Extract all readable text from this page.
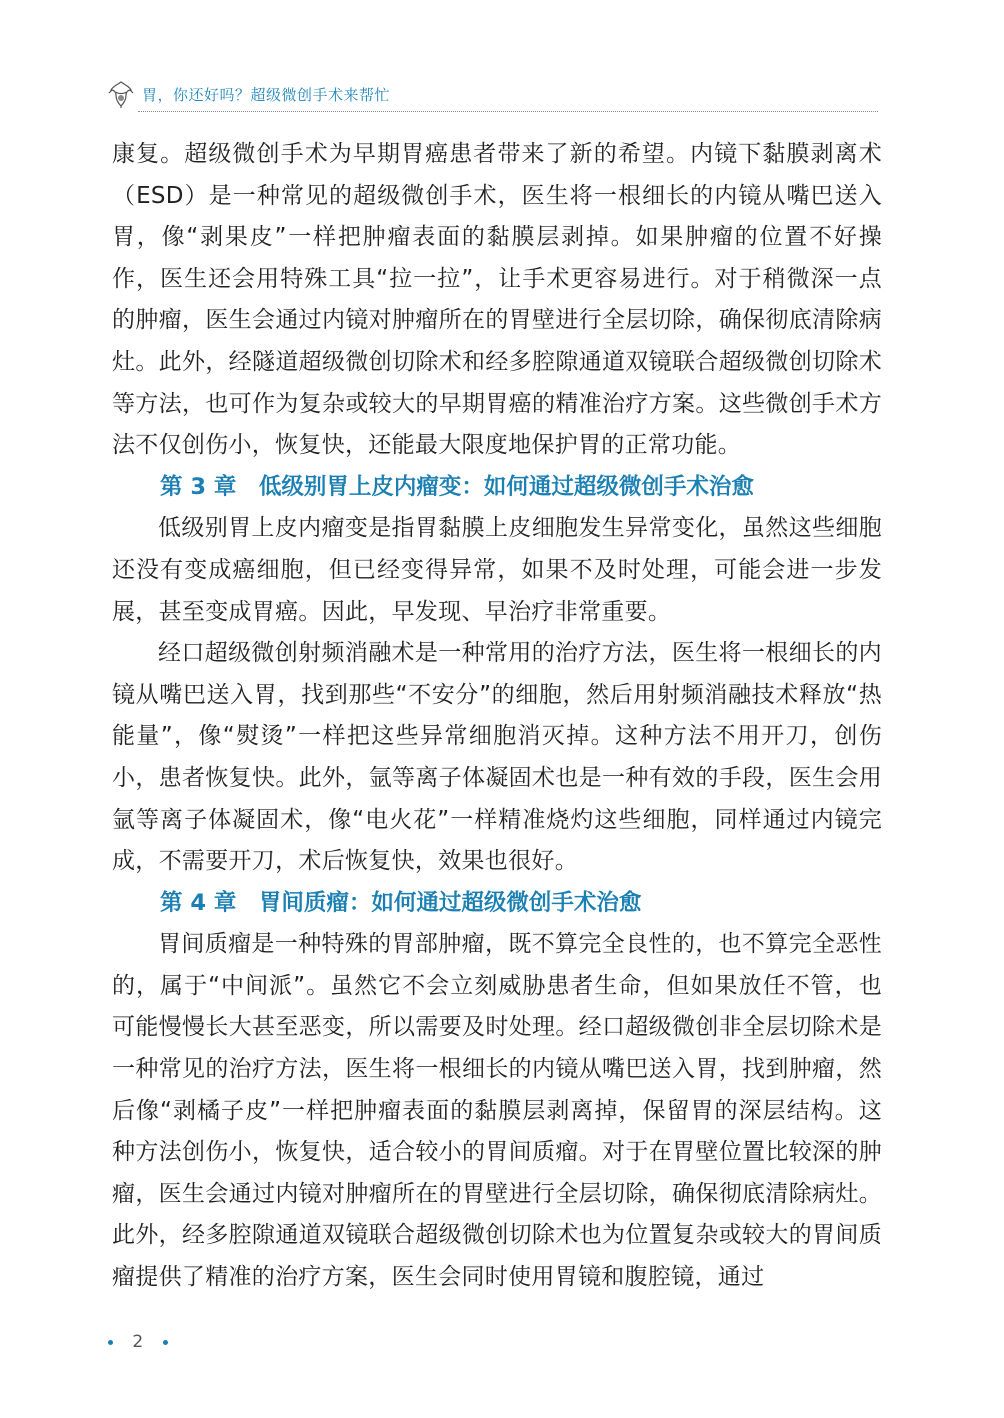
胃，你还好吗？超级微创手术来帮忙

康复。超级微创手术为早期胃癌患者带来了新的希望。内镜下黏膜剥离术（ESD）是一种常见的超级微创手术，医生将一根细长的内镜从嘴巴送入胃，像“剥果皮”一样把肿瘤表面的黏膜层剥掉。如果肿瘤的位置不好操作，医生还会用特殊工具“拉一拉”，让手术更容易进行。对于稍微深一点的肿瘤，医生会通过内镜对肿瘤所在的胃壁进行全层切除，确保彻底清除病灶。此外，经隧道超级微创切除术和经多腔隙通道双镜联合超级微创切除术等方法，也可作为复杂或较大的早期胃癌的精准治疗方案。这些微创手术方法不仅创伤小，恢复快，还能最大限度地保护胃的正常功能。

第 3 章　低级别胃上皮内瘤变：如何通过超级微创手术治愈

低级别胃上皮内瘤变是指胃黏膜上皮细胞发生异常变化，虽然这些细胞还没有变成癌细胞，但已经变得异常，如果不及时处理，可能会进一步发展，甚至变成胃癌。因此，早发现、早治疗非常重要。

经口超级微创射频消融术是一种常用的治疗方法，医生将一根细长的内镜从嘴巴送入胃，找到那些“不安分”的细胞，然后用射频消融技术释放“热能量”，像“熨烫”一样把这些异常细胞消灭掉。这种方法不用开刀，创伤小，患者恢复快。此外，氩等离子体凝固术也是一种有效的手段，医生会用氩等离子体凝固术，像“电火花”一样精准烧灼这些细胞，同样通过内镜完成，不需要开刀，术后恢复快，效果也很好。

第 4 章　胃间质瘤：如何通过超级微创手术治愈

胃间质瘤是一种特殊的胃部肿瘤，既不算完全良性的，也不算完全恶性的，属于“中间派”。虽然它不会立刻威胁患者生命，但如果放任不管，也可能慢慢长大甚至恶变，所以需要及时处理。经口超级微创非全层切除术是一种常见的治疗方法，医生将一根细长的内镜从嘴巴送入胃，找到肿瘤，然后像“剥橘子皮”一样把肿瘤表面的黏膜层剥离掉，保留胃的深层结构。这种方法创伤小，恢复快，适合较小的胃间质瘤。对于在胃壁位置比较深的肿瘤，医生会通过内镜对肿瘤所在的胃壁进行全层切除，确保彻底清除病灶。此外，经多腔隙通道双镜联合超级微创切除术也为位置复杂或较大的胃间质瘤提供了精准的治疗方案，医生会同时使用胃镜和腹腔镜，通过

2
